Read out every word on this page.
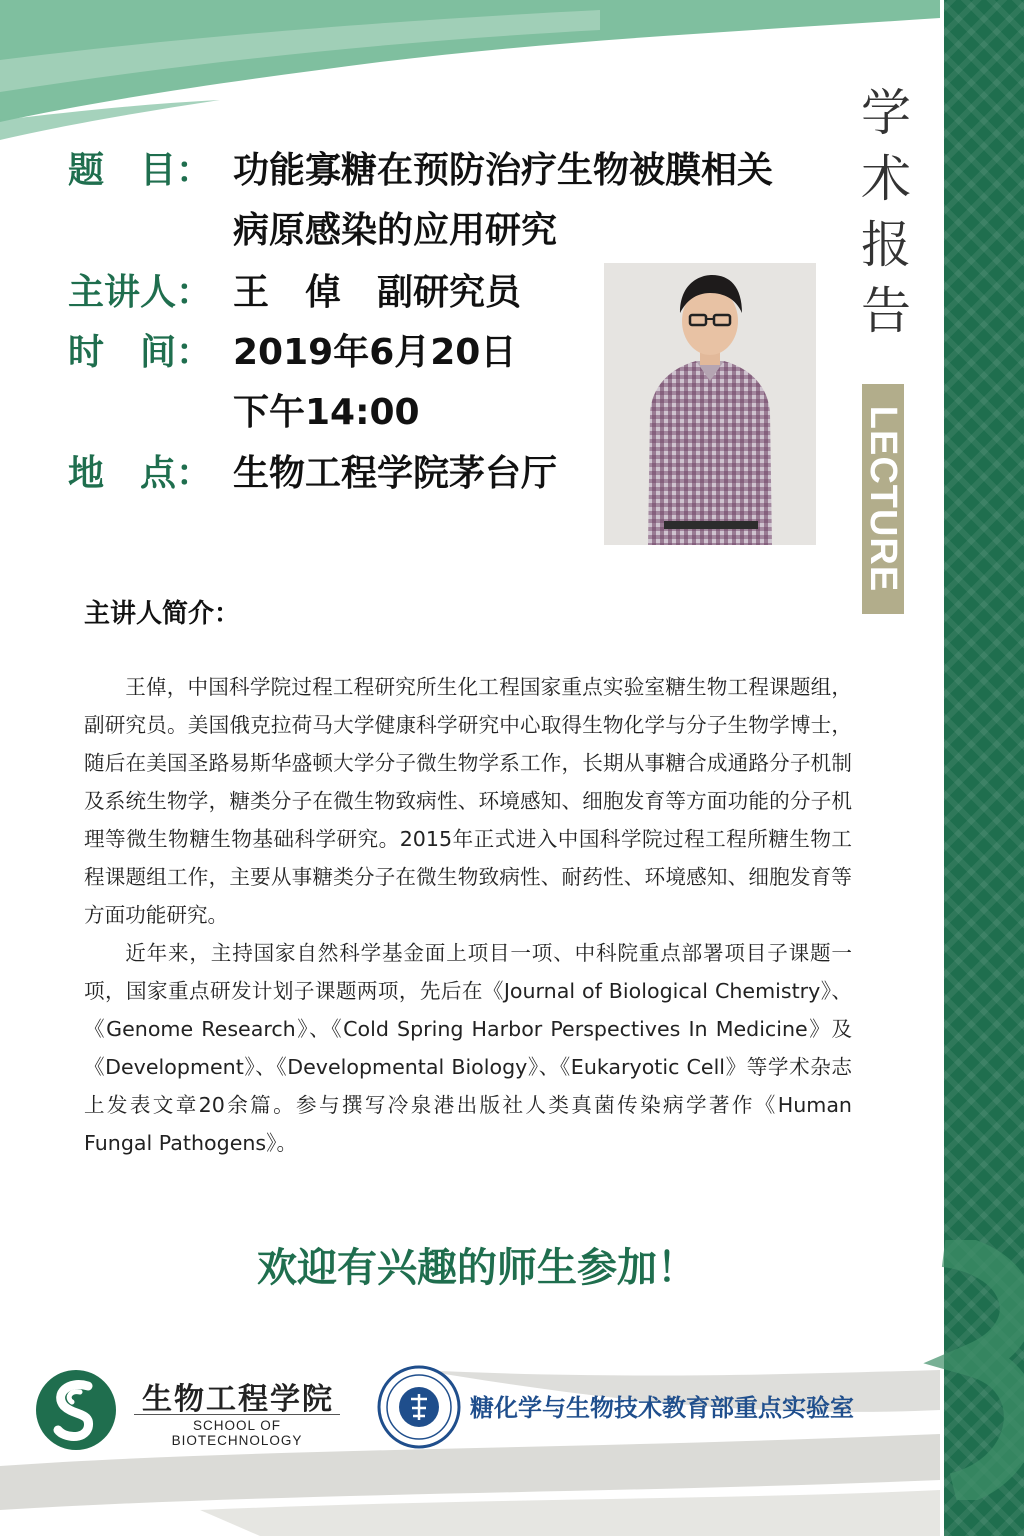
学
术
报
告
LECTURE
题　目： 功能寡糖在预防治疗生物被膜相关
病原感染的应用研究
主讲人： 王　倬　副研究员
时　间： 2019年6月20日
下午14:00
地　点： 生物工程学院茅台厅
主讲人简介：

王倬，中国科学院过程工程研究所生化工程国家重点实验室糖生物工程课题组，副研究员。美国俄克拉荷马大学健康科学研究中心取得生物化学与分子生物学博士，随后在美国圣路易斯华盛顿大学分子微生物学系工作，长期从事糖合成通路分子机制及系统生物学，糖类分子在微生物致病性、环境感知、细胞发育等方面功能的分子机理等微生物糖生物基础科学研究。2015年正式进入中国科学院过程工程所糖生物工程课题组工作，主要从事糖类分子在微生物致病性、耐药性、环境感知、细胞发育等方面功能研究。

近年来，主持国家自然科学基金面上项目一项、中科院重点部署项目子课题一项，国家重点研发计划子课题两项，先后在《Journal of Biological Chemistry》、《Genome Research》、《Cold Spring Harbor Perspectives In Medicine》及《Development》、《Developmental Biology》、《Eukaryotic Cell》等学术杂志上发表文章20余篇。参与撰写冷泉港出版社人类真菌传染病学著作《Human Fungal Pathogens》。

欢迎有兴趣的师生参加！
生物工程学院
SCHOOL OF BIOTECHNOLOGY
糖化学与生物技术教育部重点实验室
